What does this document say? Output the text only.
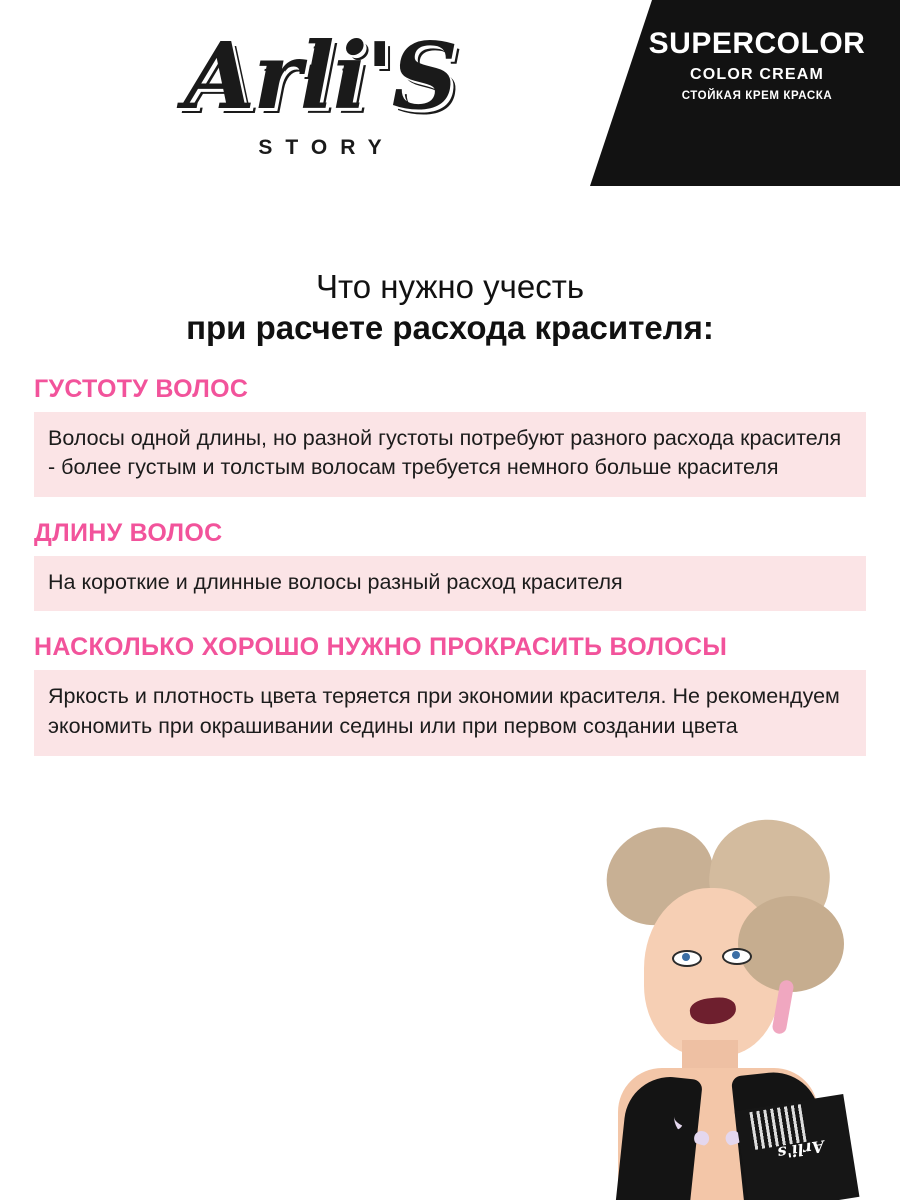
SUPERCOLOR
COLOR CREAM
СТОЙКАЯ КРЕМ КРАСКА
Arli'S
STORY
Что нужно учесть
при расчете расхода красителя:
ГУСТОТУ ВОЛОС

Волосы одной длины, но разной густоты потребуют разного расхода красителя - более густым и толстым волосам требуется немного больше красителя

ДЛИНУ ВОЛОС

На короткие и длинные волосы разный расход красителя

НАСКОЛЬКО ХОРОШО НУЖНО ПРОКРАСИТЬ ВОЛОСЫ

Яркость и плотность цвета теряется при экономии красителя. Не рекомендуем экономить при окрашивании седины или при первом создании цвета

Arli's
